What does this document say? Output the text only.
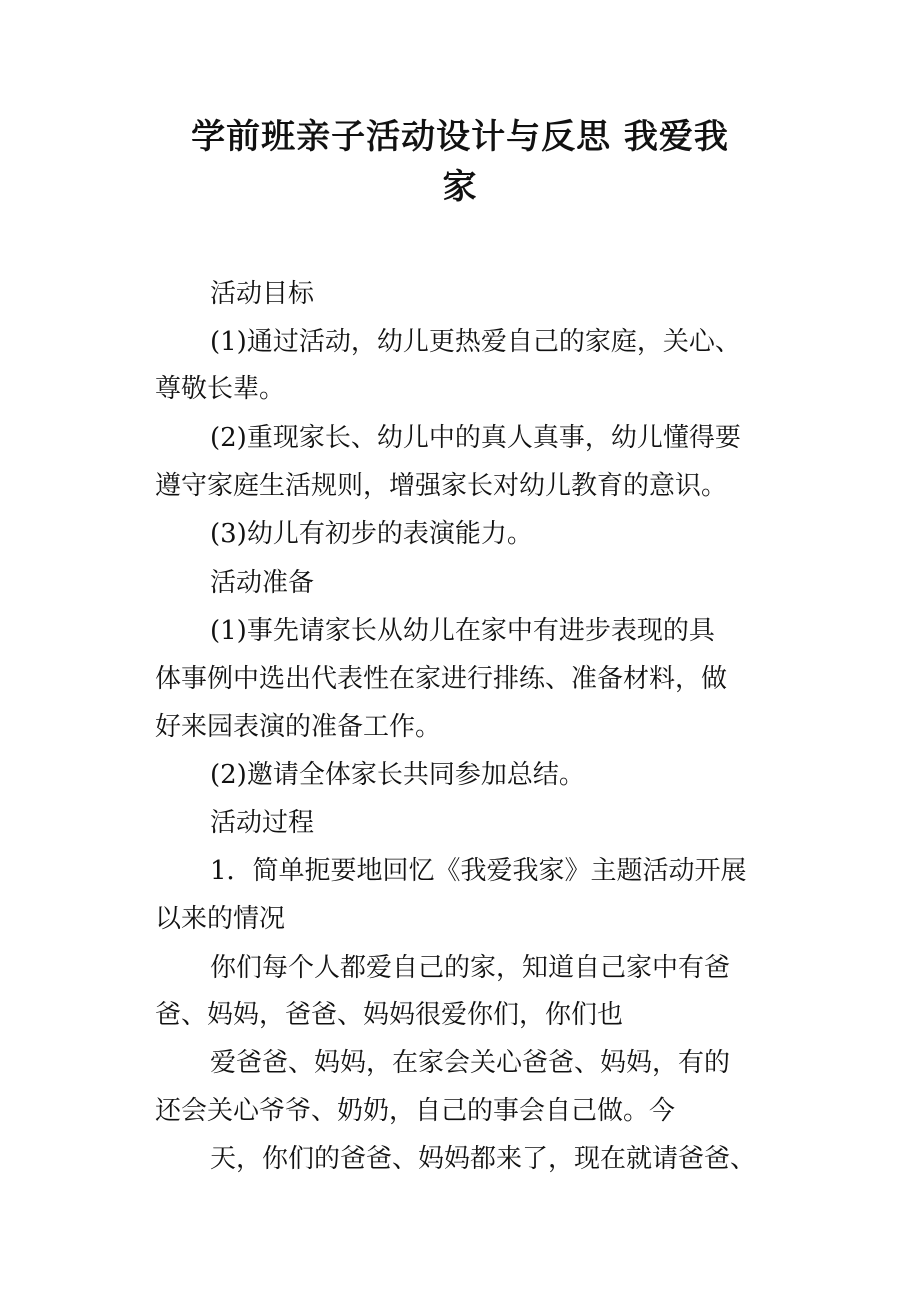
学前班亲子活动设计与反思 我爱我
家

活动目标

(1)通过活动，幼儿更热爱自己的家庭，关心、

尊敬长辈。

(2)重现家长、幼儿中的真人真事，幼儿懂得要

遵守家庭生活规则，增强家长对幼儿教育的意识。

(3)幼儿有初步的表演能力。

活动准备

(1)事先请家长从幼儿在家中有进步表现的具

体事例中选出代表性在家进行排练、准备材料，做

好来园表演的准备工作。

(2)邀请全体家长共同参加总结。

活动过程

1．简单扼要地回忆《我爱我家》主题活动开展

以来的情况

你们每个人都爱自己的家，知道自己家中有爸

爸、妈妈，爸爸、妈妈很爱你们，你们也

爱爸爸、妈妈，在家会关心爸爸、妈妈，有的

还会关心爷爷、奶奶，自己的事会自己做。今

天，你们的爸爸、妈妈都来了，现在就请爸爸、
